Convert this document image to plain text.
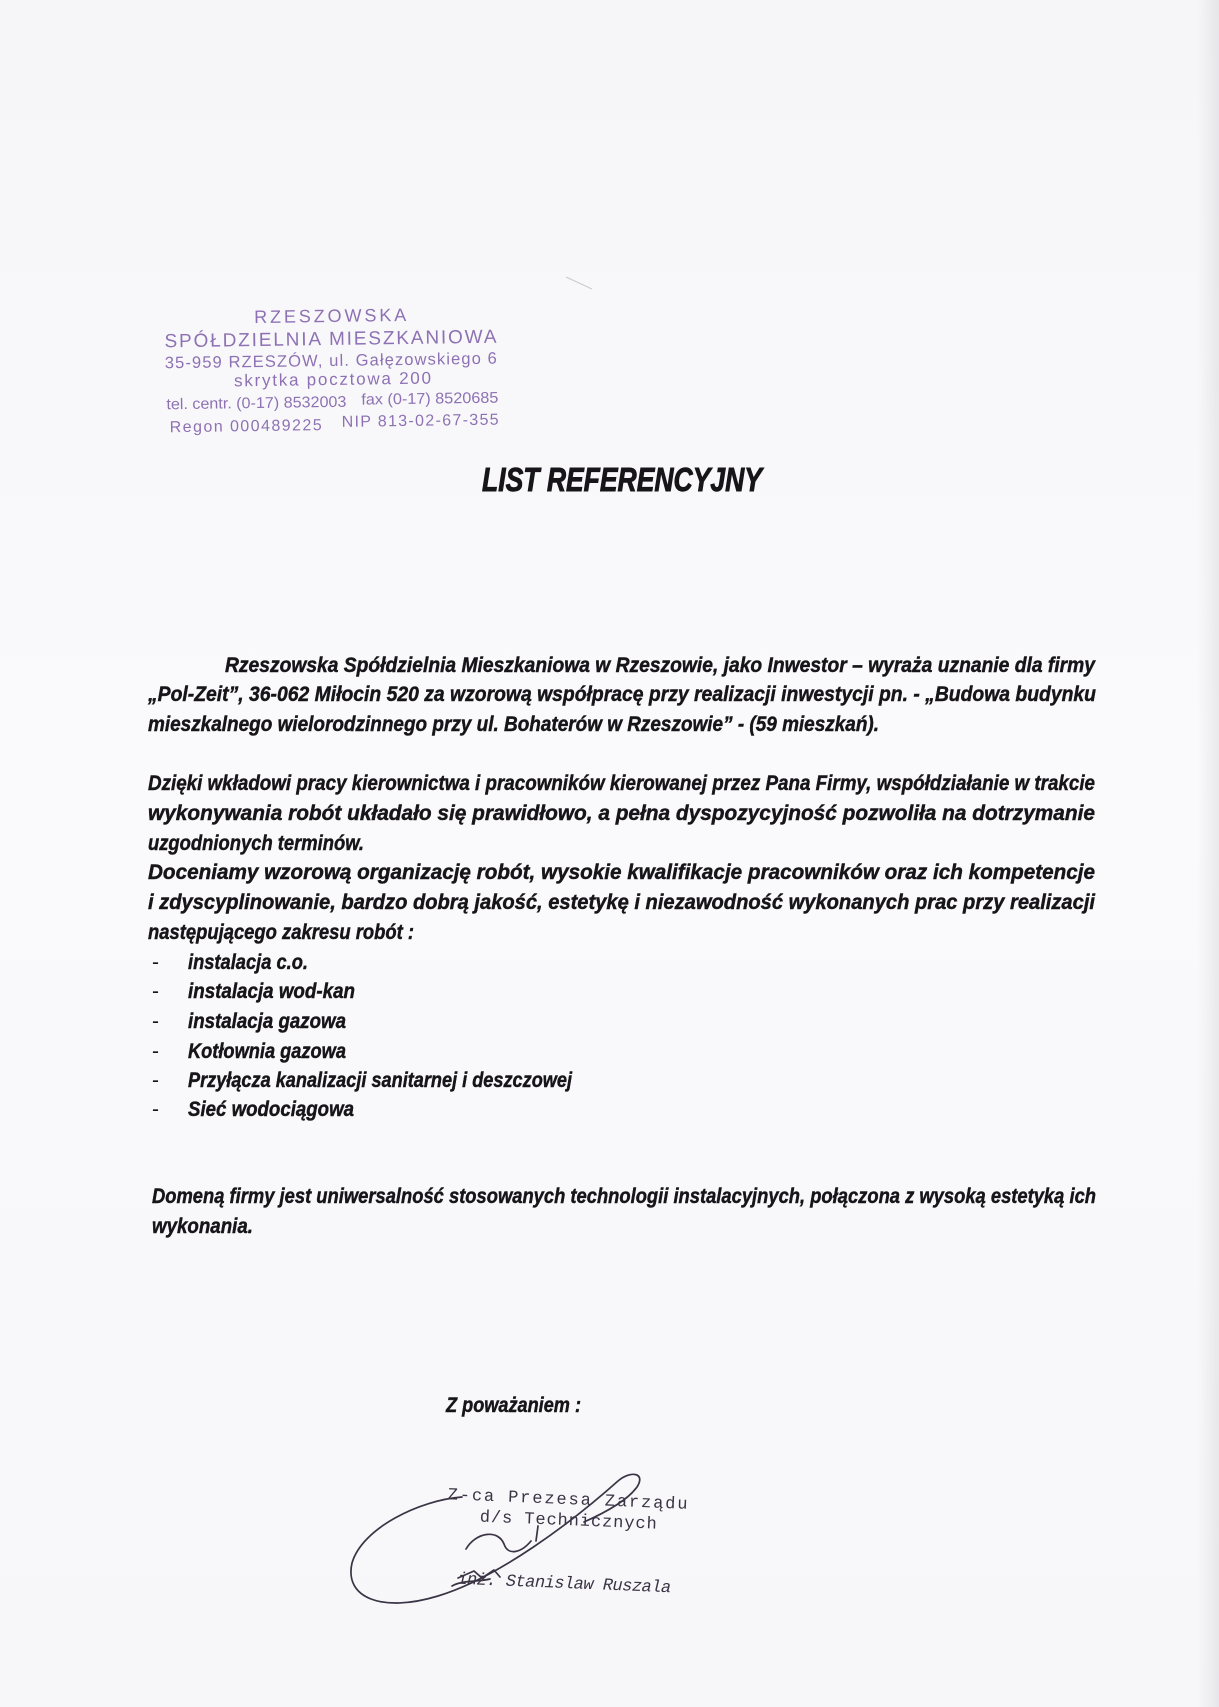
RZESZOWSKA
SPÓŁDZIELNIA MIESZKANIOWA
35-959 RZESZÓW, ul. Gałęzowskiego 6
skrytka pocztowa 200
tel. centr. (0-17) 8532003	fax (0-17) 8520685
Regon 000489225 NIP 813-02-67-355
LIST REFERENCYJNY
Rzeszowska Spółdzielnia Mieszkaniowa w Rzeszowie, jako Inwestor – wyraża uznanie dla firmy
„Pol-Zeit”, 36-062 Miłocin 520 za wzorową współpracę przy realizacji inwestycji pn. - „Budowa budynku
mieszkalnego wielorodzinnego przy ul. Bohaterów w Rzeszowie” - (59 mieszkań).
Dzięki wkładowi pracy kierownictwa i pracowników kierowanej przez Pana Firmy, współdziałanie w trakcie
wykonywania robót układało się prawidłowo, a pełna dyspozycyjność pozwoliła na dotrzymanie
uzgodnionych terminów.
Doceniamy wzorową organizację robót, wysokie kwalifikacje pracowników oraz ich kompetencje
i zdyscyplinowanie, bardzo dobrą jakość, estetykę i niezawodność wykonanych prac przy realizacji
następującego zakresu robót :
- instalacja c.o.
- instalacja wod-kan
- instalacja gazowa
- Kotłownia gazowa
- Przyłącza kanalizacji sanitarnej i deszczowej
- Sieć wodociągowa
Domeną firmy jest uniwersalność stosowanych technologii instalacyjnych, połączona z wysoką estetyką ich
wykonania.
Z poważaniem :
Z-ca Prezesa Zarządu
d/s Technicznych
inż. Stanislaw Ruszala
